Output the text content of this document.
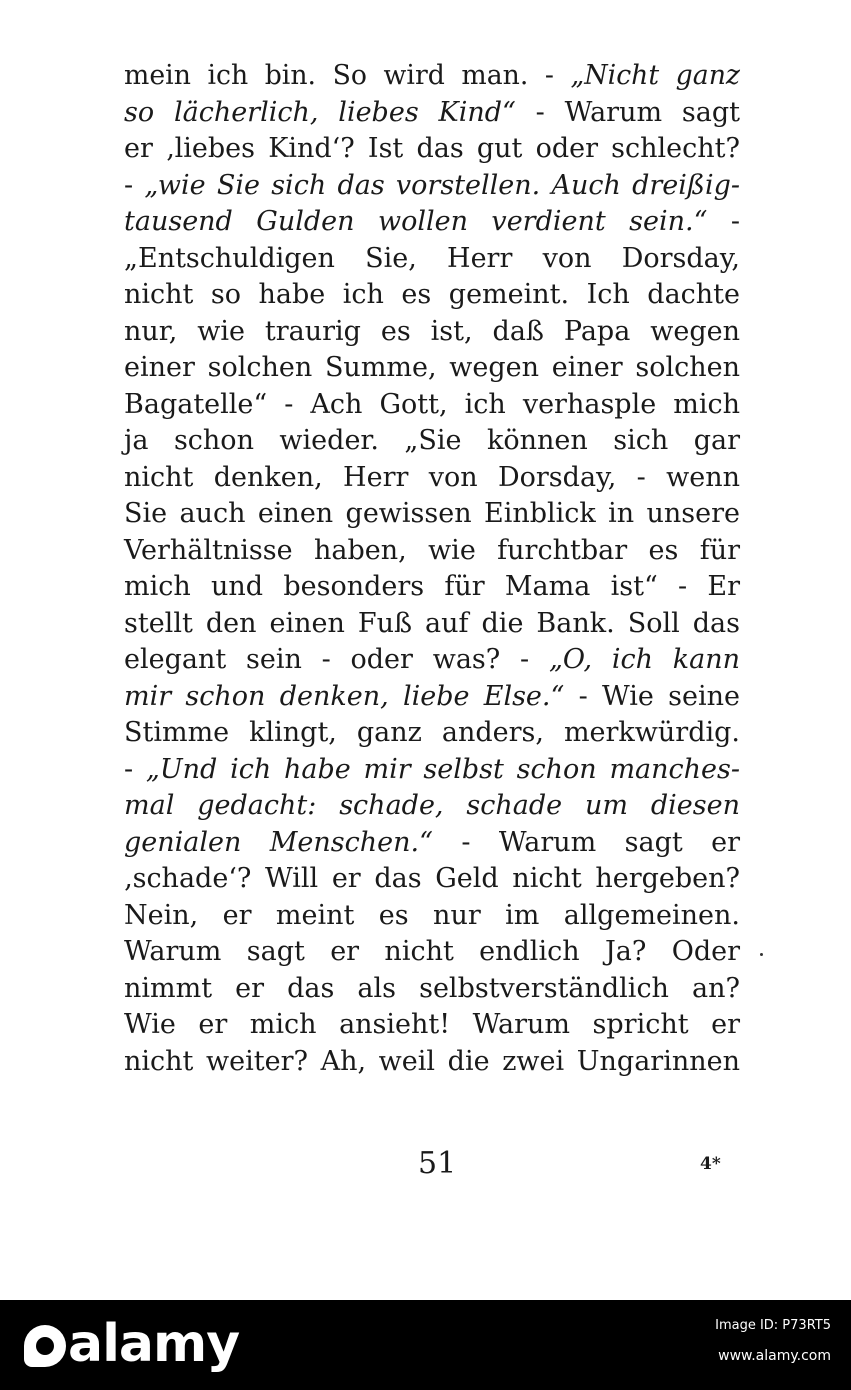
mein ich bin. So wird man. - „Nicht ganz
so lächerlich, liebes Kind“ - Warum sagt
er ‚liebes Kind‘? Ist das gut oder schlecht?
- „wie Sie sich das vorstellen. Auch dreißig-
tausend Gulden wollen verdient sein.“ -
„Entschuldigen Sie, Herr von Dorsday,
nicht so habe ich es gemeint. Ich dachte
nur, wie traurig es ist, daß Papa wegen
einer solchen Summe, wegen einer solchen
Bagatelle“ - Ach Gott, ich verhasple mich
ja schon wieder. „Sie können sich gar
nicht denken, Herr von Dorsday, - wenn
Sie auch einen gewissen Einblick in unsere
Verhältnisse haben, wie furchtbar es für
mich und besonders für Mama ist“ - Er
stellt den einen Fuß auf die Bank. Soll das
elegant sein - oder was? - „O, ich kann
mir schon denken, liebe Else.“ - Wie seine
Stimme klingt, ganz anders, merkwürdig.
- „Und ich habe mir selbst schon manches-
mal gedacht: schade, schade um diesen
genialen Menschen.“ - Warum sagt er
‚schade‘? Will er das Geld nicht hergeben?
Nein, er meint es nur im allgemeinen.
Warum sagt er nicht endlich Ja? Oder
nimmt er das als selbstverständlich an?
Wie er mich ansieht! Warum spricht er
nicht weiter? Ah, weil die zwei Ungarinnen
51	4*
alamy	Image ID: P73RT5
www.alamy.com
